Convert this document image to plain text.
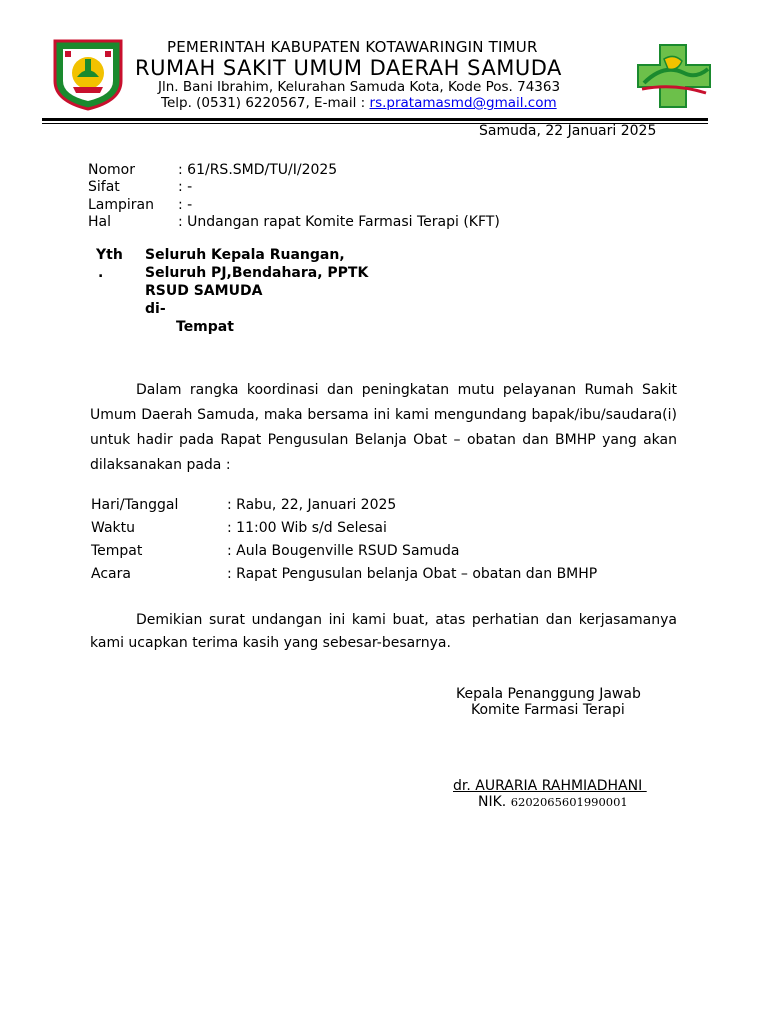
PEMERINTAH KABUPATEN KOTAWARINGIN TIMUR
RUMAH SAKIT UMUM DAERAH SAMUDA
Jln. Bani Ibrahim, Kelurahan Samuda Kota, Kode Pos. 74363
Telp. (0531) 6220567, E-mail : rs.pratamasmd@gmail.com
Samuda, 22 Januari 2025
Nomor	: 61/RS.SMD/TU/I/2025
Sifat	: -
Lampiran : -
Hal	: Undangan rapat Komite Farmasi Terapi (KFT)
Yth
.
Seluruh Kepala Ruangan,
Seluruh PJ,Bendahara, PPTK
RSUD SAMUDA
di-
Tempat
Dalam rangka koordinasi dan peningkatan mutu pelayanan Rumah Sakit Umum Daerah Samuda, maka bersama ini kami mengundang bapak/ibu/saudara(i) untuk hadir pada Rapat Pengusulan Belanja Obat – obatan dan BMHP yang akan dilaksanakan pada :
Hari/Tanggal	: Rabu, 22, Januari 2025
Waktu	: 11:00 Wib s/d Selesai
Tempat	: Aula Bougenville RSUD Samuda
Acara	: Rapat Pengusulan belanja Obat – obatan dan BMHP
Demikian surat undangan ini kami buat, atas perhatian dan kerjasamanya kami ucapkan terima kasih yang sebesar-besarnya.
Kepala Penanggung Jawab
Komite Farmasi Terapi
dr. AURARIA RAHMIADHANI
NIK. 6202065601990001
